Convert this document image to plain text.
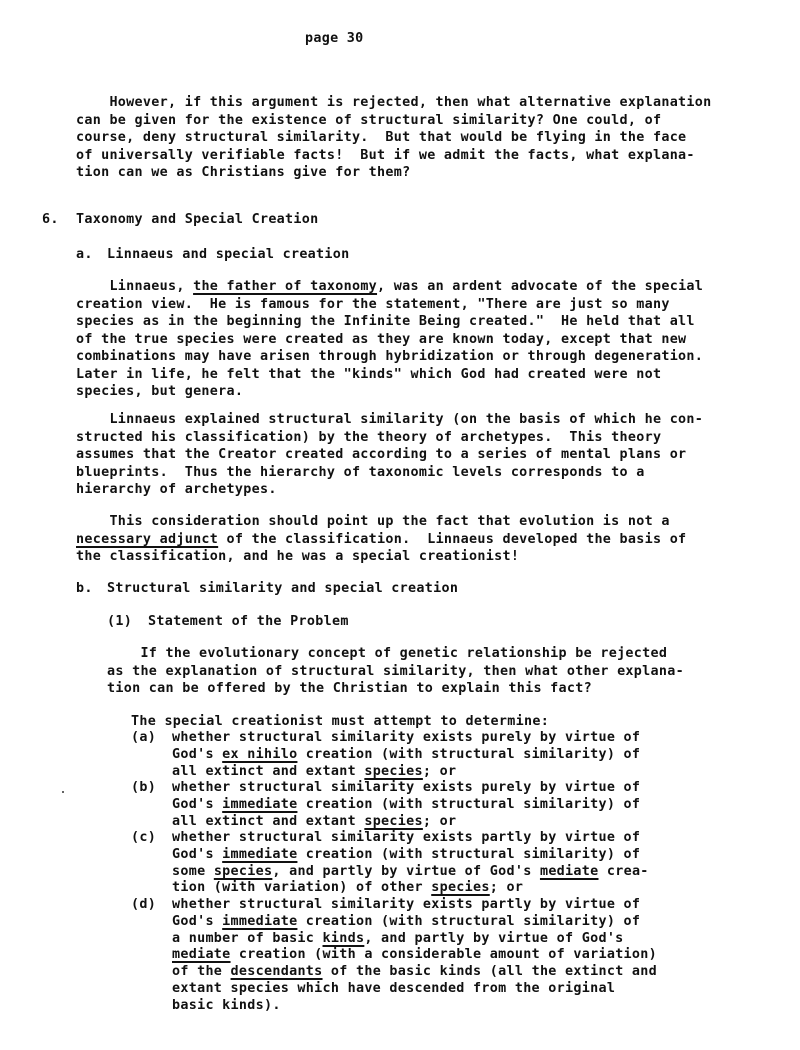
page 30
6. Taxonomy and Special Creation
a. Linnaeus and special creation
b. Structural similarity and special creation
(1) Statement of the Problem
The special creationist must attempt to determine:
However, if this argument is rejected, then what alternative explanation
can be given for the existence of structural similarity? One could, of
course, deny structural similarity.  But that would be flying in the face
of universally verifiable facts!  But if we admit the facts, what explana-
tion can we as Christians give for them?
Linnaeus, the father of taxonomy, was an ardent advocate of the special
creation view.  He is famous for the statement, "There are just so many
species as in the beginning the Infinite Being created."  He held that all
of the true species were created as they are known today, except that new
combinations may have arisen through hybridization or through degeneration.
Later in life, he felt that the "kinds" which God had created were not
species, but genera.
Linnaeus explained structural similarity (on the basis of which he con-
structed his classification) by the theory of archetypes.  This theory
assumes that the Creator created according to a series of mental plans or
blueprints.  Thus the hierarchy of taxonomic levels corresponds to a
hierarchy of archetypes.
This consideration should point up the fact that evolution is not a
necessary adjunct of the classification.  Linnaeus developed the basis of
the classification, and he was a special creationist!
If the evolutionary concept of genetic relationship be rejected
as the explanation of structural similarity, then what other explana-
tion can be offered by the Christian to explain this fact?
(a) whether structural similarity exists purely by virtue of
God's ex nihilo creation (with structural similarity) of
all extinct and extant species; or
(b) whether structural similarity exists purely by virtue of
God's immediate creation (with structural similarity) of
all extinct and extant species; or
(c) whether structural similarity exists partly by virtue of
God's immediate creation (with structural similarity) of
some species, and partly by virtue of God's mediate crea-
tion (with variation) of other species; or
(d) whether structural similarity exists partly by virtue of
God's immediate creation (with structural similarity) of
a number of basic kinds, and partly by virtue of God's
mediate creation (with a considerable amount of variation)
of the descendants of the basic kinds (all the extinct and
extant species which have descended from the original
basic kinds).
